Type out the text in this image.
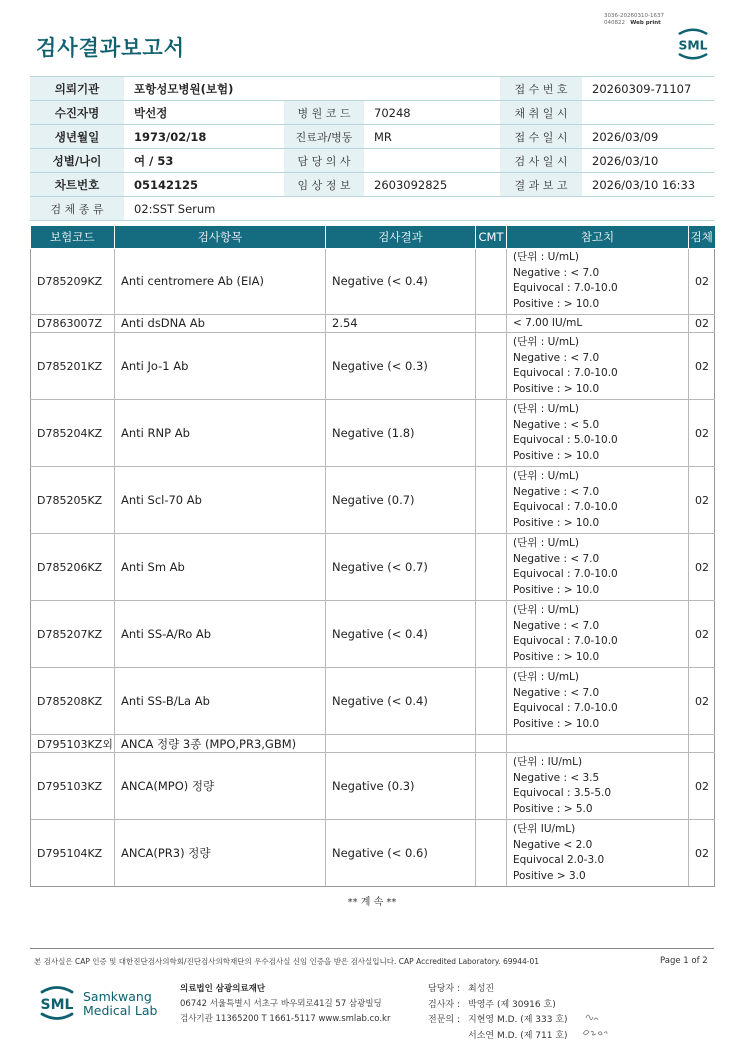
3036-20260310-1637
040822 Web print
검사결과보고서	SML
의뢰기관	포항성모병원(보험)			접 수 번 호	20260309-71107
수진자명	박선정	병 원 코 드	70248	채 취 일 시	
생년월일	1973/02/18	진료과/병동	MR	접 수 일 시	2026/03/09
성별/나이	여 / 53	담 당 의 사		검 사 일 시	2026/03/10
차트번호	05142125	임 상 정 보	2603092825	결 과 보 고	2026/03/10 16:33
검 체 종 류	02:SST Serum				
보험코드	검사항목	검사결과	CMT	참고치	검체
D785209KZ	Anti centromere Ab (EIA)	Negative (< 0.4)		(단위 : U/mL)
Negative : < 7.0
Equivocal : 7.0-10.0
Positive : > 10.0	02
D7863007Z	Anti dsDNA Ab	2.54		< 7.00 IU/mL	02
D785201KZ	Anti Jo-1 Ab	Negative (< 0.3)		(단위 : U/mL)
Negative : < 7.0
Equivocal : 7.0-10.0
Positive : > 10.0	02
D785204KZ	Anti RNP Ab	Negative (1.8)		(단위 : U/mL)
Negative : < 5.0
Equivocal : 5.0-10.0
Positive : > 10.0	02
D785205KZ	Anti Scl-70 Ab	Negative (0.7)		(단위 : U/mL)
Negative : < 7.0
Equivocal : 7.0-10.0
Positive : > 10.0	02
D785206KZ	Anti Sm Ab	Negative (< 0.7)		(단위 : U/mL)
Negative : < 7.0
Equivocal : 7.0-10.0
Positive : > 10.0	02
D785207KZ	Anti SS-A/Ro Ab	Negative (< 0.4)		(단위 : U/mL)
Negative : < 7.0
Equivocal : 7.0-10.0
Positive : > 10.0	02
D785208KZ	Anti SS-B/La Ab	Negative (< 0.4)		(단위 : U/mL)
Negative : < 7.0
Equivocal : 7.0-10.0
Positive : > 10.0	02
D795103KZ외	ANCA 정량 3종 (MPO,PR3,GBM)				
D795103KZ	ANCA(MPO) 정량	Negative (0.3)		(단위 : IU/mL)
Negative : < 3.5
Equivocal : 3.5-5.0
Positive : > 5.0	02
D795104KZ	ANCA(PR3) 정량	Negative (< 0.6)		(단위 IU/mL)
Negative < 2.0
Equivocal 2.0-3.0
Positive > 3.0	02
** 계 속 **
본 검사실은 CAP 인증 및 대한진단검사의학회/진단검사의학재단의 우수검사실 신임 인증을 받은 검사실입니다. CAP Accredited Laboratory. 69944-01	Page 1 of 2
SML
Samkwang
Medical Lab
의료법인 삼광의료재단
06742 서울특별시 서초구 바우뫼로41길 57 삼광빌딩
검사기관 11365200 T 1661-5117 www.smlab.co.kr
담당자 : 최성진
검사자 : 박영주 (제 30916 호)
전문의 : 지현영 M.D. (제 333 호)
서소연 M.D. (제 711 호)
